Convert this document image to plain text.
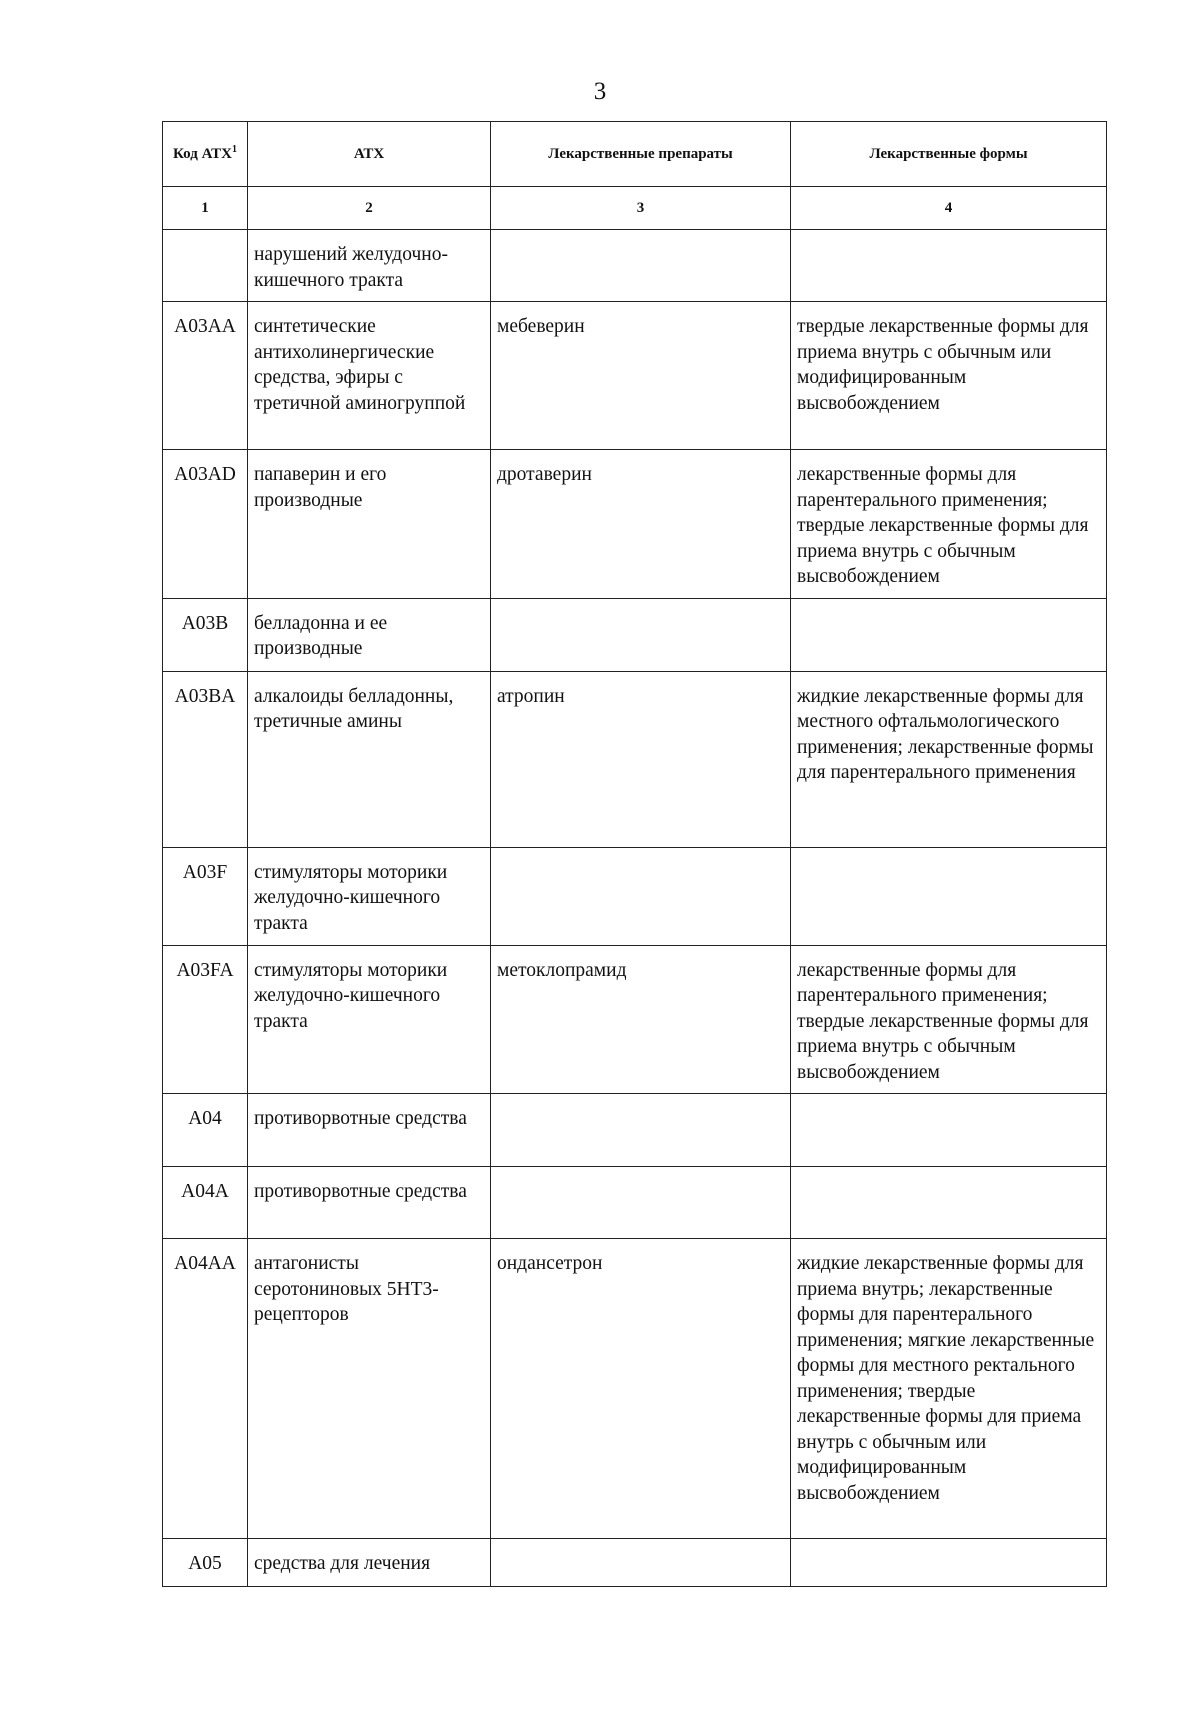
3
Код АТХ$^1$	АТХ	Лекарственные препараты	Лекарственные формы
1	2	3	4
	нарушений желудочно-кишечного тракта		
A03AA	синтетические антихолинергические средства, эфиры с третичной аминогруппой	мебеверин	твердые лекарственные формы для приема внутрь с обычным или модифицированным высвобождением
A03AD	папаверин и его производные	дротаверин	лекарственные формы для парентерального применения; твердые лекарственные формы для приема внутрь с обычным высвобождением
A03B	белладонна и ее производные		
A03BA	алкалоиды белладонны, третичные амины	атропин	жидкие лекарственные формы для местного офтальмологического применения; лекарственные формы для парентерального применения
A03F	стимуляторы моторики желудочно-кишечного тракта		
A03FA	стимуляторы моторики желудочно-кишечного тракта	метоклопрамид	лекарственные формы для парентерального применения; твердые лекарственные формы для приема внутрь с обычным высвобождением
A04	противорвотные средства		
A04A	противорвотные средства		
A04AA	антагонисты серотониновых 5HT3-рецепторов	ондансетрон	жидкие лекарственные формы для приема внутрь; лекарственные формы для парентерального применения; мягкие лекарственные формы для местного ректального применения; твердые лекарственные формы для приема внутрь с обычным или модифицированным высвобождением
A05	средства для лечения		
